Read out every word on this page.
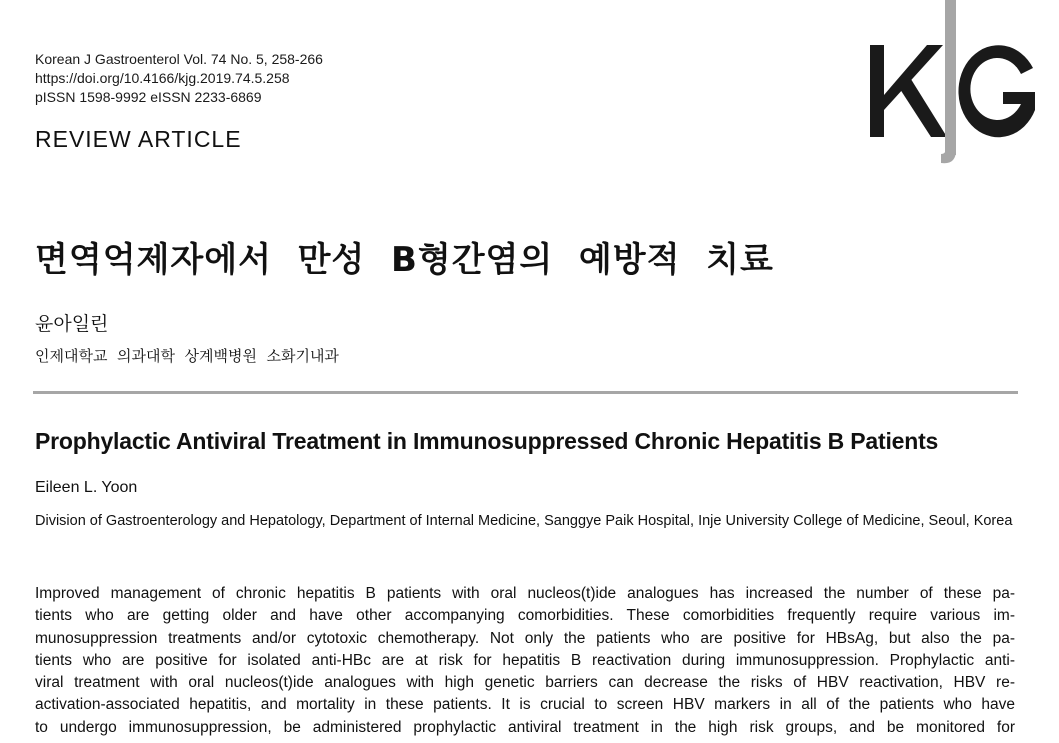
Korean J Gastroenterol Vol. 74 No. 5, 258-266
https://doi.org/10.4166/kjg.2019.74.5.258
pISSN 1598-9992 eISSN 2233-6869
REVIEW ARTICLE
면역억제자에서  만성  B형간염의  예방적  치료
윤아일린
인제대학교  의과대학  상계백병원  소화기내과
Prophylactic Antiviral Treatment in Immunosuppressed Chronic Hepatitis B Patients
Eileen L. Yoon
Division of Gastroenterology and Hepatology, Department of Internal Medicine, Sanggye Paik Hospital, Inje University College of Medicine, Seoul, Korea
Improved management of chronic hepatitis B patients with oral nucleos(t)ide analogues has increased the number of these pa-
tients who are getting older and have other accompanying comorbidities. These comorbidities frequently require various im-
munosuppression treatments and/or cytotoxic chemotherapy. Not only the patients who are positive for HBsAg, but also the pa-
tients who are positive for isolated anti-HBc are at risk for hepatitis B reactivation during immunosuppression. Prophylactic anti-
viral treatment with oral nucleos(t)ide analogues with high genetic barriers can decrease the risks of HBV reactivation, HBV re-
activation-associated hepatitis, and mortality in these patients. It is crucial to screen HBV markers in all of the patients who have
to undergo immunosuppression, be administered prophylactic antiviral treatment in the high risk groups, and be monitored for
